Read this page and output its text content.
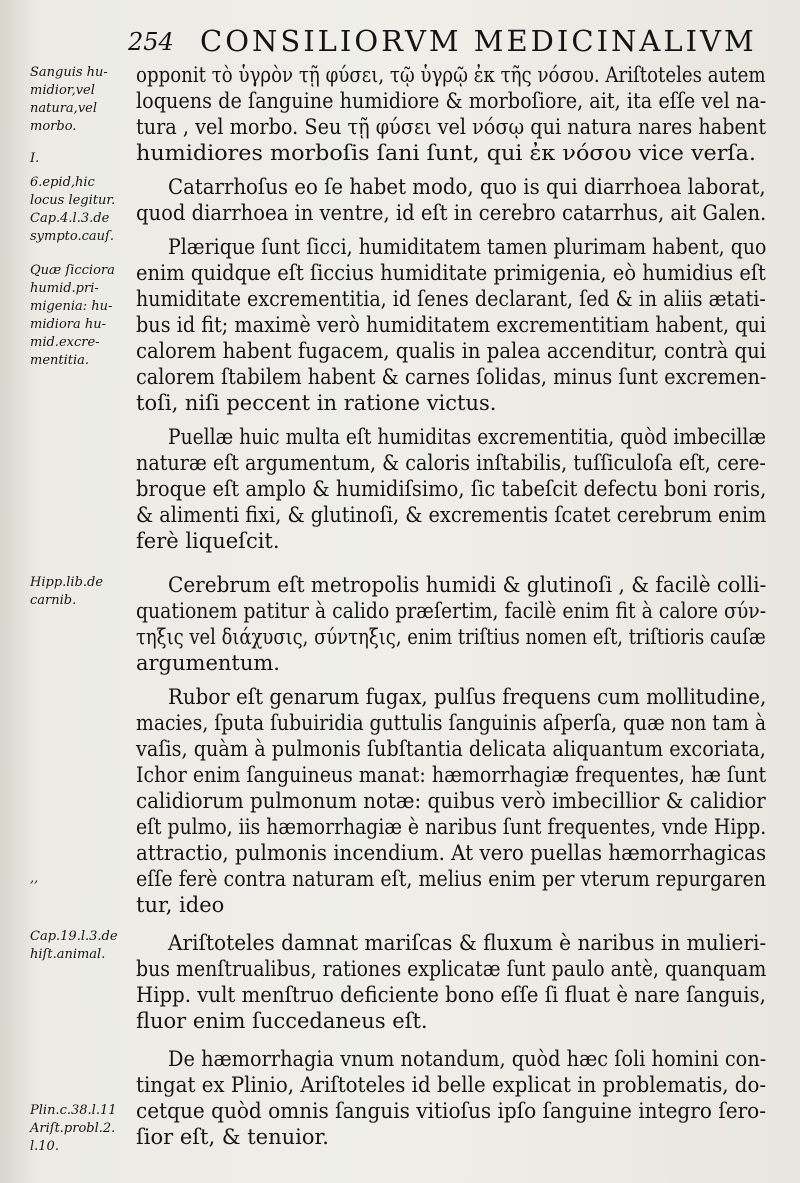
254 CONSILIORVM MEDICINALIVM
Sanguis hu-
midior,vel
natura,vel
morbo.
I.
6.epid,hic
locus legitur.
Cap.4.l.3.de
sympto.cauſ.
Quæ ſicciora
humid.pri-
migenia: hu-
midiora hu-
mid.excre-
mentitia.
Hipp.lib.de
carnib.
,,
Cap.19.l.3.de
hiſt.animal.
Plin.c.38.l.11
Ariſt.probl.2.
l.10.
opponit τὸ ὑγρὸν τῇ φύσει, τῷ ὑγρῷ ἐκ τῆς νόσου. Ariſtoteles autem
loquens de ſanguine humidiore & morboſiore, ait, ita eſſe vel na-
tura , vel morbo. Seu τῇ φύσει vel νόσῳ qui natura nares habent
humidiores morboſis ſani ſunt, qui ἐκ νόσου vice verſa.
Catarrhoſus eo ſe habet modo, quo is qui diarrhoea laborat,
quod diarrhoea in ventre, id eſt in cerebro catarrhus, ait Galen.
Plærique ſunt ſicci, humiditatem tamen plurimam habent, quo
enim quidque eſt ſiccius humiditate primigenia, eò humidius eſt
humiditate excrementitia, id ſenes declarant, ſed & in aliis ætati-
bus id fit; maximè verò humiditatem excrementitiam habent, qui
calorem habent fugacem, qualis in palea accenditur, contrà qui
calorem ſtabilem habent & carnes ſolidas, minus ſunt excremen-
toſi, niſi peccent in ratione victus.
Puellæ huic multa eſt humiditas excrementitia, quòd imbecillæ
naturæ eſt argumentum, & caloris inſtabilis, tuſſiculoſa eſt, cere-
broque eſt amplo & humidiſsimo, ſic tabeſcit defectu boni roris,
& alimenti fixi, & glutinoſi, & excrementis ſcatet cerebrum enim
ferè liqueſcit.
Cerebrum eſt metropolis humidi & glutinoſi , & facilè colli-
quationem patitur à calido præſertim, facilè enim fit à calore σύν-
τηξις vel διάχυσις, σύντηξις, enim triſtius nomen eſt, triſtioris cauſæ
argumentum.
Rubor eſt genarum fugax, pulſus frequens cum mollitudine,
macies, ſputa ſubuiridia guttulis ſanguinis aſperſa, quæ non tam à
vaſis, quàm à pulmonis ſubſtantia delicata aliquantum excoriata,
Ichor enim ſanguineus manat: hæmorrhagiæ frequentes, hæ ſunt
calidiorum pulmonum notæ: quibus verò imbecillior & calidior
eſt pulmo, iis hæmorrhagiæ è naribus ſunt frequentes, vnde Hipp.
attractio, pulmonis incendium. At vero puellas hæmorrhagicas
eſſe ferè contra naturam eſt, melius enim per vterum repurgaren
tur, ideo
Ariſtoteles damnat mariſcas & fluxum è naribus in mulieri-
bus menſtrualibus, rationes explicatæ ſunt paulo antè, quanquam
Hipp. vult menſtruo deficiente bono eſſe ſi fluat è nare ſanguis,
fluor enim ſuccedaneus eſt.
De hæmorrhagia vnum notandum, quòd hæc ſoli homini con-
tingat ex Plinio, Ariſtoteles id belle explicat in problematis, do-
cetque quòd omnis ſanguis vitioſus ipſo ſanguine integro ſero-
ſior eſt, & tenuior.
